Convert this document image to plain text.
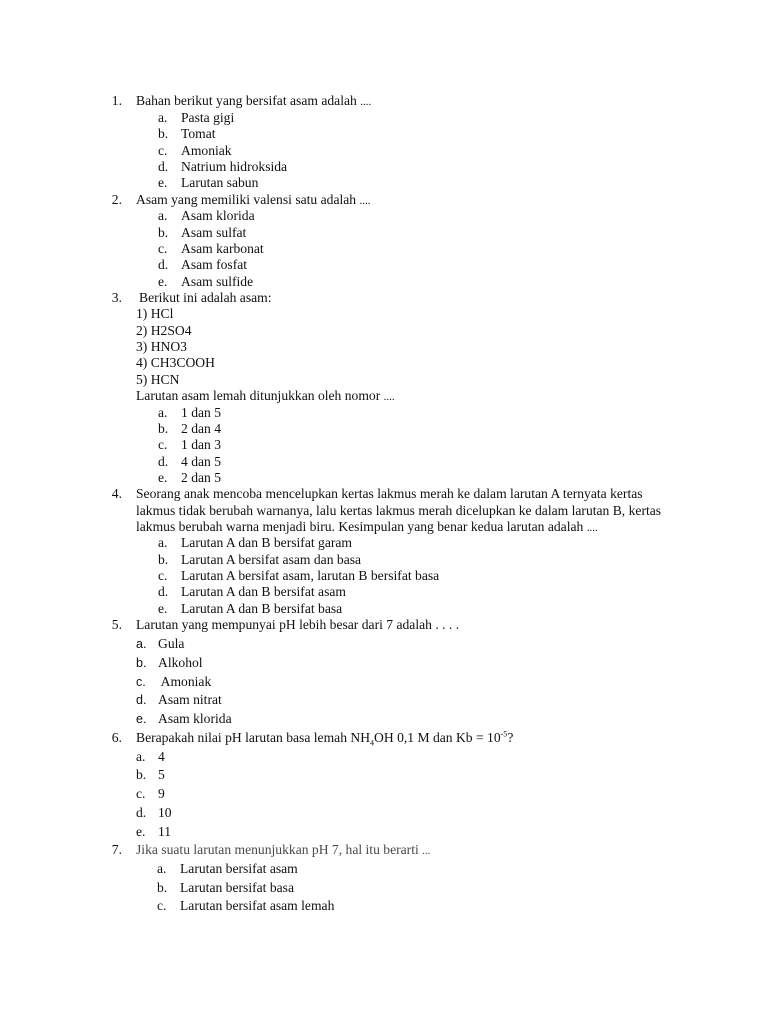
1. Bahan berikut yang bersifat asam adalah ....
a. Pasta gigi
b. Tomat
c. Amoniak
d. Natrium hidroksida
e. Larutan sabun
2. Asam yang memiliki valensi satu adalah ....
a. Asam klorida
b. Asam sulfat
c. Asam karbonat
d. Asam fosfat
e. Asam sulfide
3. Berikut ini adalah asam:
1) HCl
2) H2SO4
3) HNO3
4) CH3COOH
5) HCN
Larutan asam lemah ditunjukkan oleh nomor ....
a. 1 dan 5
b. 2 dan 4
c. 1 dan 3
d. 4 dan 5
e. 2 dan 5
4. Seorang anak mencoba mencelupkan kertas lakmus merah ke dalam larutan A ternyata kertas
lakmus tidak berubah warnanya, lalu kertas lakmus merah dicelupkan ke dalam larutan B, kertas
lakmus berubah warna menjadi biru. Kesimpulan yang benar kedua larutan adalah ....
a. Larutan A dan B bersifat garam
b. Larutan A bersifat asam dan basa
c. Larutan A bersifat asam, larutan B bersifat basa
d. Larutan A dan B bersifat asam
e. Larutan A dan B bersifat basa
5. Larutan yang mempunyai pH lebih besar dari 7 adalah . . . .
a. Gula
b. Alkohol
c. Amoniak
d. Asam nitrat
e. Asam klorida
6. Berapakah nilai pH larutan basa lemah $NH_4OH$ 0,1 M dan $Kb = 10^{-5}$?
a. 4
b. 5
c. 9
d. 10
e. 11
7. Jika suatu larutan menunjukkan pH 7, hal itu berarti ...
a. Larutan bersifat asam
b. Larutan bersifat basa
c. Larutan bersifat asam lemah
